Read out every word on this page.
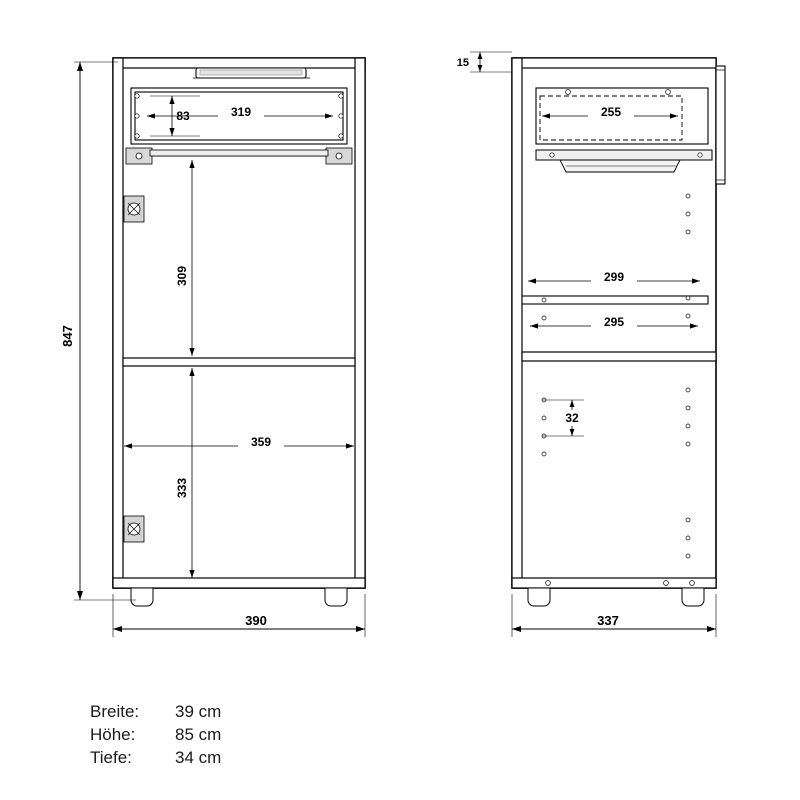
847
390
83	319
309
359
333
15
255
299
295
32
337
Breite:	39 cm
Höhe:	85 cm
Tiefe:	34 cm
